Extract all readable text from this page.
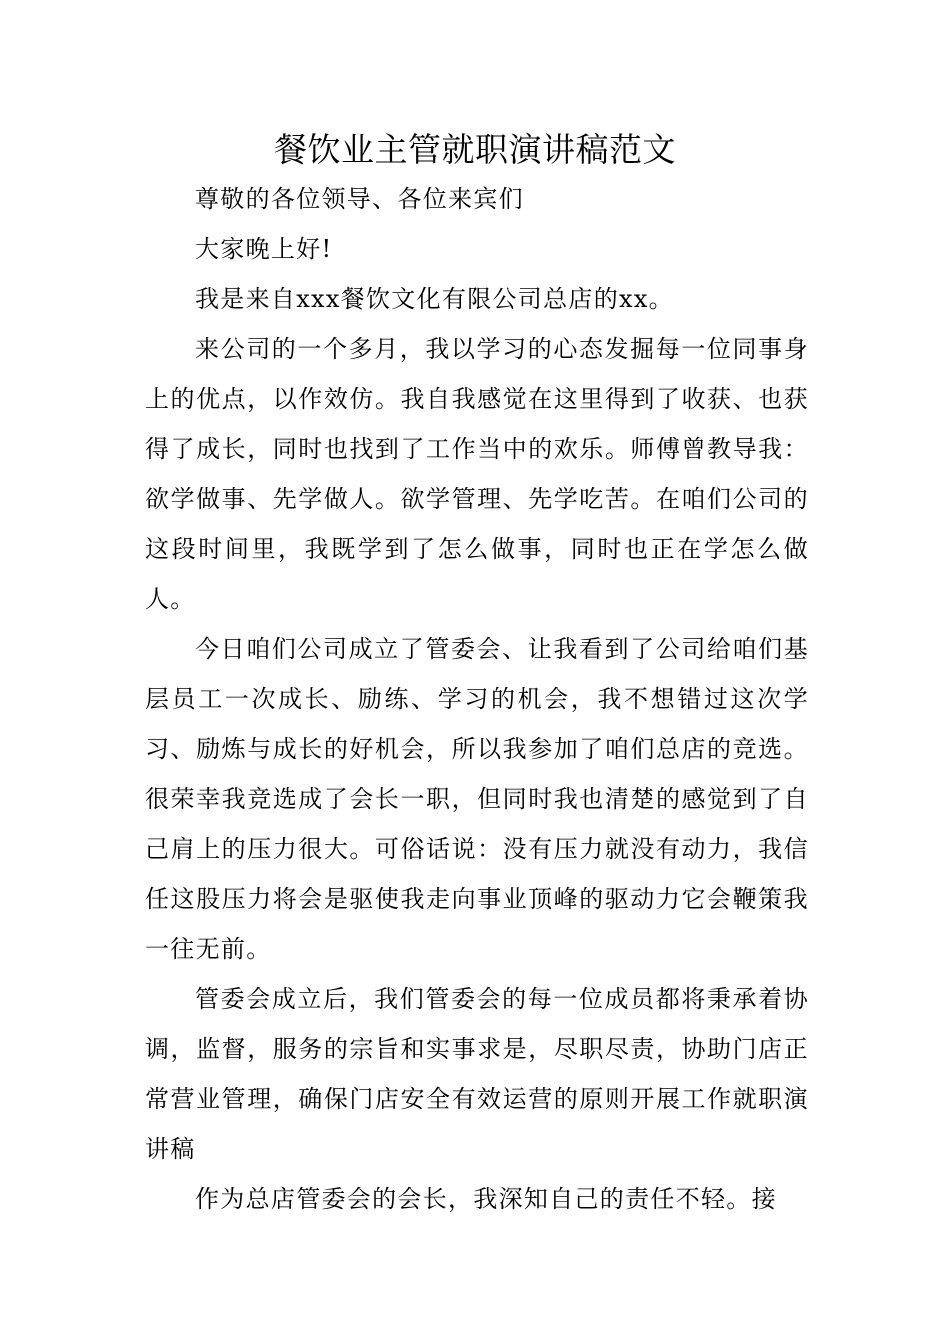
餐饮业主管就职演讲稿范文

尊敬的各位领导、各位来宾们

大家晚上好!

我是来自xxx餐饮文化有限公司总店的xx。

来公司的一个多月，我以学习的心态发掘每一位同事身上的优点，以作效仿。我自我感觉在这里得到了收获、也获得了成长，同时也找到了工作当中的欢乐。师傅曾教导我：欲学做事、先学做人。欲学管理、先学吃苦。在咱们公司的这段时间里，我既学到了怎么做事，同时也正在学怎么做人。

今日咱们公司成立了管委会、让我看到了公司给咱们基层员工一次成长、励练、学习的机会，我不想错过这次学习、励炼与成长的好机会，所以我参加了咱们总店的竞选。很荣幸我竞选成了会长一职，但同时我也清楚的感觉到了自己肩上的压力很大。可俗话说：没有压力就没有动力，我信任这股压力将会是驱使我走向事业顶峰的驱动力它会鞭策我一往无前。

管委会成立后，我们管委会的每一位成员都将秉承着协调，监督，服务的宗旨和实事求是，尽职尽责，协助门店正常营业管理，确保门店安全有效运营的原则开展工作就职演讲稿

作为总店管委会的会长，我深知自己的责任不轻。接
